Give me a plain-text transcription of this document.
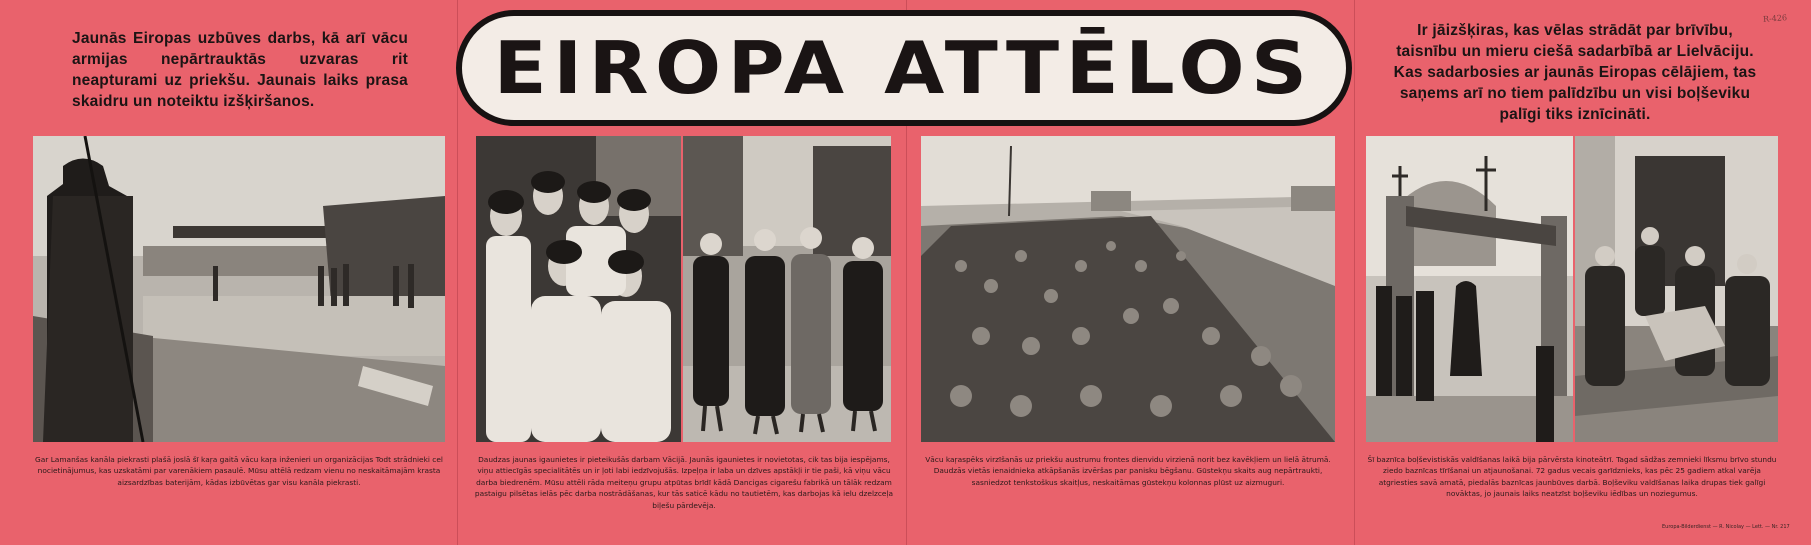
Jaunās Eiropas uzbūves darbs, kā arī vācu armijas nepārtrauktās uzvaras rit neapturami uz priekšu. Jaunais laiks prasa skaidru un noteiktu izšķiršanos.	EIROPA ATTĒLOS	Ir jāizšķiras, kas vēlas strādāt par brīvību, taisnību un mieru ciešā sadarbībā ar Lielvāciju. Kas sadarbosies ar jaunās Eiropas cēlājiem, tas saņems arī no tiem palīdzību un visi boļševiku palīgi tiks iznīcināti.
Gar Lamanšas kanāla piekrasti plašā joslā šī kaŗa gaitā vācu kaŗa inženieri un organizācijas Todt strādnieki cel nocietinājumus, kas uzskatāmi par varenākiem pasaulē. Mūsu attēlā redzam vienu no neskaitāmajām krasta aizsardzības baterijām, kādas izbūvētas gar visu kanāla piekrasti.
Daudzas jaunas igaunietes ir pieteikušās darbam Vācijā. Jaunās igaunietes ir novietotas, cik tas bija iespējams, viņu attiecīgās specialitātēs un ir ļoti labi iedzīvojušās. Izpeļņa ir laba un dzīves apstākļi ir tie paši, kā viņu vācu darba biedrenēm. Mūsu attēli rāda meiteņu grupu atpūtas brīdī kādā Dancigas cigarešu fabrikā un tālāk redzam pastaigu pilsētas ielās pēc darba nostrādāšanas, kur tās saticē kādu no tautietēm, kas darbojas kā ielu dzelzceļa biļešu pārdevēja.
Vācu kaŗaspēks virzīšanās uz priekšu austrumu frontes dienvidu virzienā norit bez kavēkļiem un lielā ātrumā. Daudzās vietās ienaidnieka atkāpšanās izvēršas par panisku bēgšanu. Gūstekņu skaits aug nepārtraukti, sasniedzot tenkstoškus skaitļus, neskaitāmas gūstekņu kolonnas plūst uz aizmuguri.
Šī baznīca boļševistiskās valdīšanas laikā bija pārvērsta kinoteātrī. Tagad sādžas zemnieki līksmu brīvo stundu ziedo baznīcas tīrīšanai un atjaunošanai. 72 gadus vecais garīdznieks, kas pēc 25 gadiem atkal varēja atgriesties savā amatā, piedalās baznīcas jaunbūves darbā. Boļševiku valdīšanas laika drupas tiek galīgi novāktas, jo jaunais laiks neatzīst boļševiku iēdības un noziegumus.
Europa-Bilderdienst — R. Nicolay — Lett. — Nr. 217
R-426
